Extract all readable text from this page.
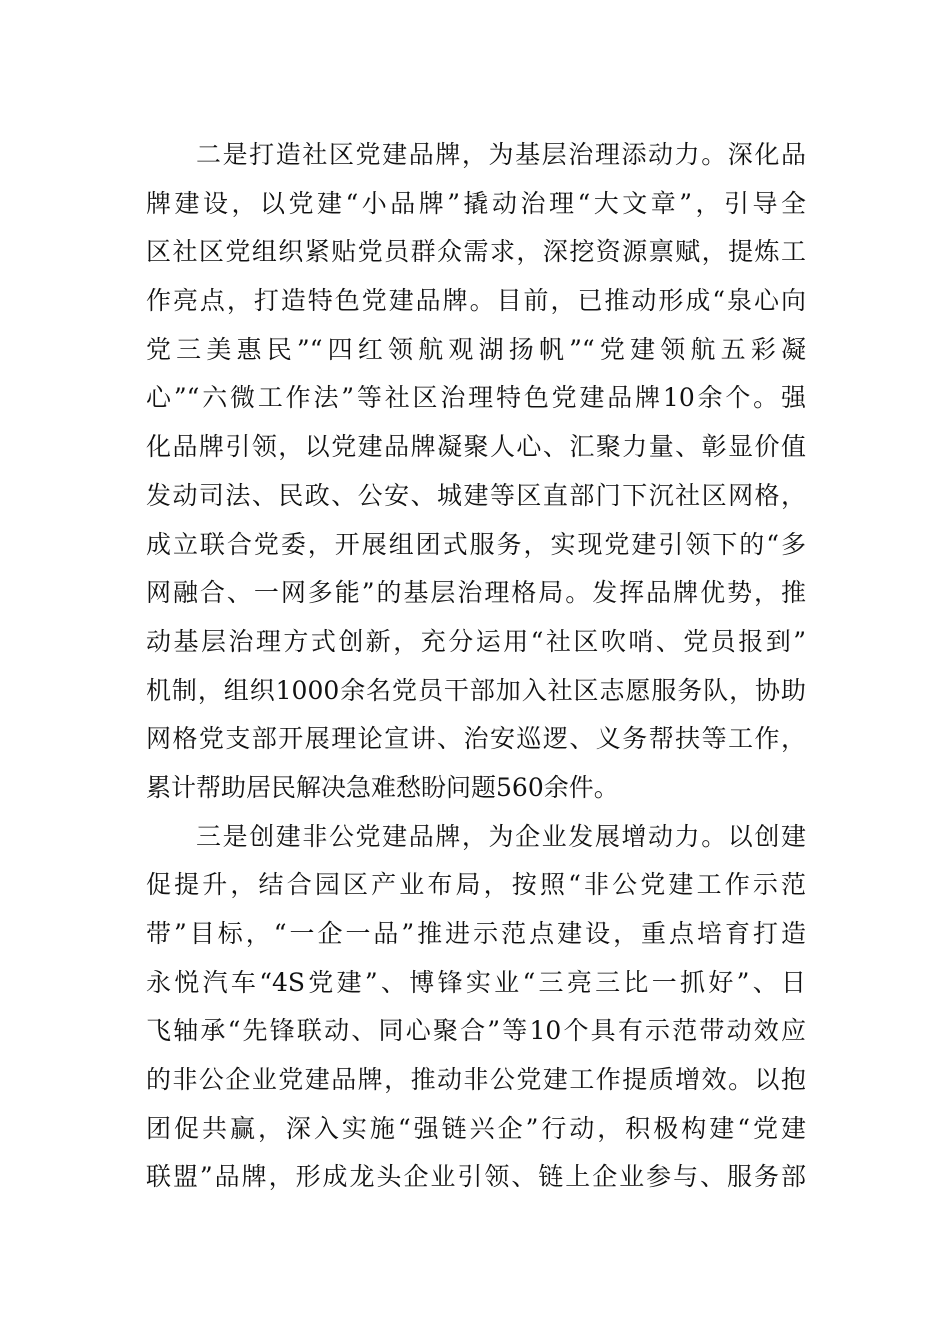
二是打造社区党建品牌，为基层治理添动力。深化品
牌建设，以党建“小品牌”撬动治理“大文章”，引导全
区社区党组织紧贴党员群众需求，深挖资源禀赋，提炼工
作亮点，打造特色党建品牌。目前，已推动形成“泉心向
党三美惠民”“四红领航观湖扬帆”“党建领航五彩凝
心”“六微工作法”等社区治理特色党建品牌10余个。强
化品牌引领，以党建品牌凝聚人心、汇聚力量、彰显价值
发动司法、民政、公安、城建等区直部门下沉社区网格，
成立联合党委，开展组团式服务，实现党建引领下的“多
网融合、一网多能”的基层治理格局。发挥品牌优势，推
动基层治理方式创新，充分运用“社区吹哨、党员报到”
机制，组织1000余名党员干部加入社区志愿服务队，协助
网格党支部开展理论宣讲、治安巡逻、义务帮扶等工作，
累计帮助居民解决急难愁盼问题560余件。
三是创建非公党建品牌，为企业发展增动力。以创建
促提升，结合园区产业布局，按照“非公党建工作示范
带”目标，“一企一品”推进示范点建设，重点培育打造
永悦汽车“4S党建”、博锋实业“三亮三比一抓好”、日
飞轴承“先锋联动、同心聚合”等10个具有示范带动效应
的非公企业党建品牌，推动非公党建工作提质增效。以抱
团促共赢，深入实施“强链兴企”行动，积极构建“党建
联盟”品牌，形成龙头企业引领、链上企业参与、服务部
